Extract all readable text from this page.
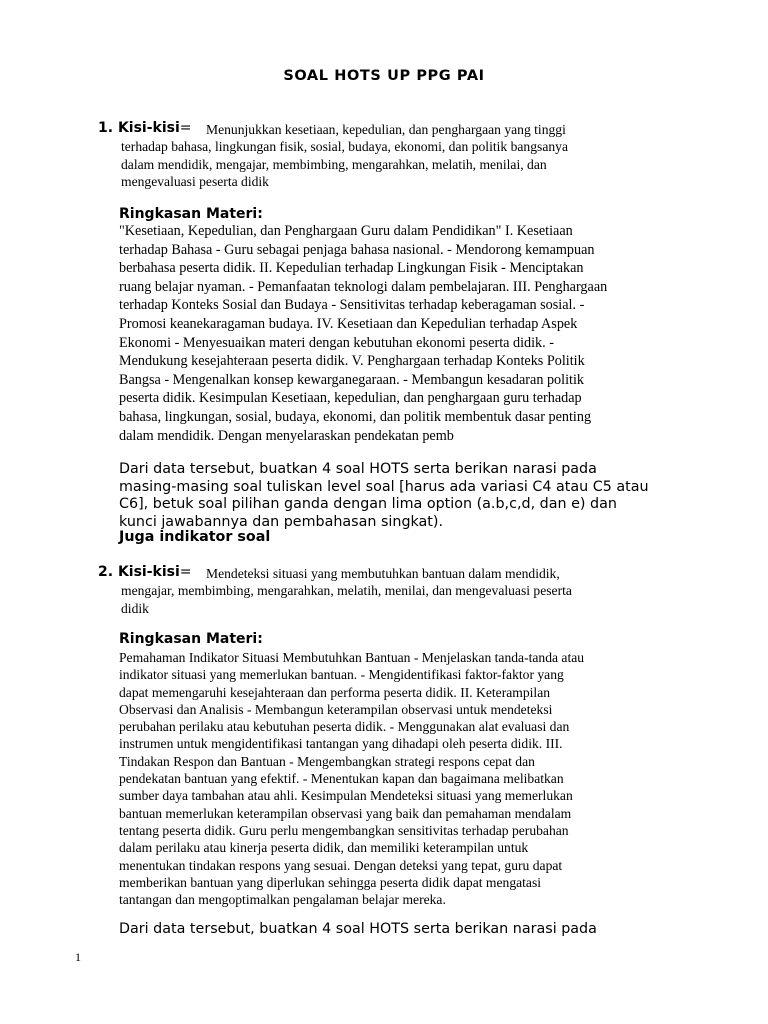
SOAL HOTS UP PPG PAI
1. Kisi-kisi= Menunjukkan kesetiaan, kepedulian, dan penghargaan yang tinggi
terhadap bahasa, lingkungan fisik, sosial, budaya, ekonomi, dan politik bangsanya
dalam mendidik, mengajar, membimbing, mengarahkan, melatih, menilai, dan
mengevaluasi peserta didik
Ringkasan Materi:
"Kesetiaan, Kepedulian, dan Penghargaan Guru dalam Pendidikan" I. Kesetiaan
terhadap Bahasa - Guru sebagai penjaga bahasa nasional. - Mendorong kemampuan
berbahasa peserta didik. II. Kepedulian terhadap Lingkungan Fisik - Menciptakan
ruang belajar nyaman. - Pemanfaatan teknologi dalam pembelajaran. III. Penghargaan
terhadap Konteks Sosial dan Budaya - Sensitivitas terhadap keberagaman sosial. -
Promosi keanekaragaman budaya. IV. Kesetiaan dan Kepedulian terhadap Aspek
Ekonomi - Menyesuaikan materi dengan kebutuhan ekonomi peserta didik. -
Mendukung kesejahteraan peserta didik. V. Penghargaan terhadap Konteks Politik
Bangsa - Mengenalkan konsep kewarganegaraan. - Membangun kesadaran politik
peserta didik. Kesimpulan Kesetiaan, kepedulian, dan penghargaan guru terhadap
bahasa, lingkungan, sosial, budaya, ekonomi, dan politik membentuk dasar penting
dalam mendidik. Dengan menyelaraskan pendekatan pemb
Dari data tersebut, buatkan 4 soal HOTS serta berikan narasi pada
masing-masing soal tuliskan level soal [harus ada variasi C4 atau C5 atau
C6], betuk soal pilihan ganda dengan lima option (a.b,c,d, dan e) dan
kunci jawabannya dan pembahasan singkat).
Juga indikator soal
2. Kisi-kisi= Mendeteksi situasi yang membutuhkan bantuan dalam mendidik,
mengajar, membimbing, mengarahkan, melatih, menilai, dan mengevaluasi peserta
didik
Ringkasan Materi:
Pemahaman Indikator Situasi Membutuhkan Bantuan - Menjelaskan tanda-tanda atau
indikator situasi yang memerlukan bantuan. - Mengidentifikasi faktor-faktor yang
dapat memengaruhi kesejahteraan dan performa peserta didik. II. Keterampilan
Observasi dan Analisis - Membangun keterampilan observasi untuk mendeteksi
perubahan perilaku atau kebutuhan peserta didik. - Menggunakan alat evaluasi dan
instrumen untuk mengidentifikasi tantangan yang dihadapi oleh peserta didik. III.
Tindakan Respon dan Bantuan - Mengembangkan strategi respons cepat dan
pendekatan bantuan yang efektif. - Menentukan kapan dan bagaimana melibatkan
sumber daya tambahan atau ahli. Kesimpulan Mendeteksi situasi yang memerlukan
bantuan memerlukan keterampilan observasi yang baik dan pemahaman mendalam
tentang peserta didik. Guru perlu mengembangkan sensitivitas terhadap perubahan
dalam perilaku atau kinerja peserta didik, dan memiliki keterampilan untuk
menentukan tindakan respons yang sesuai. Dengan deteksi yang tepat, guru dapat
memberikan bantuan yang diperlukan sehingga peserta didik dapat mengatasi
tantangan dan mengoptimalkan pengalaman belajar mereka.
Dari data tersebut, buatkan 4 soal HOTS serta berikan narasi pada
1
